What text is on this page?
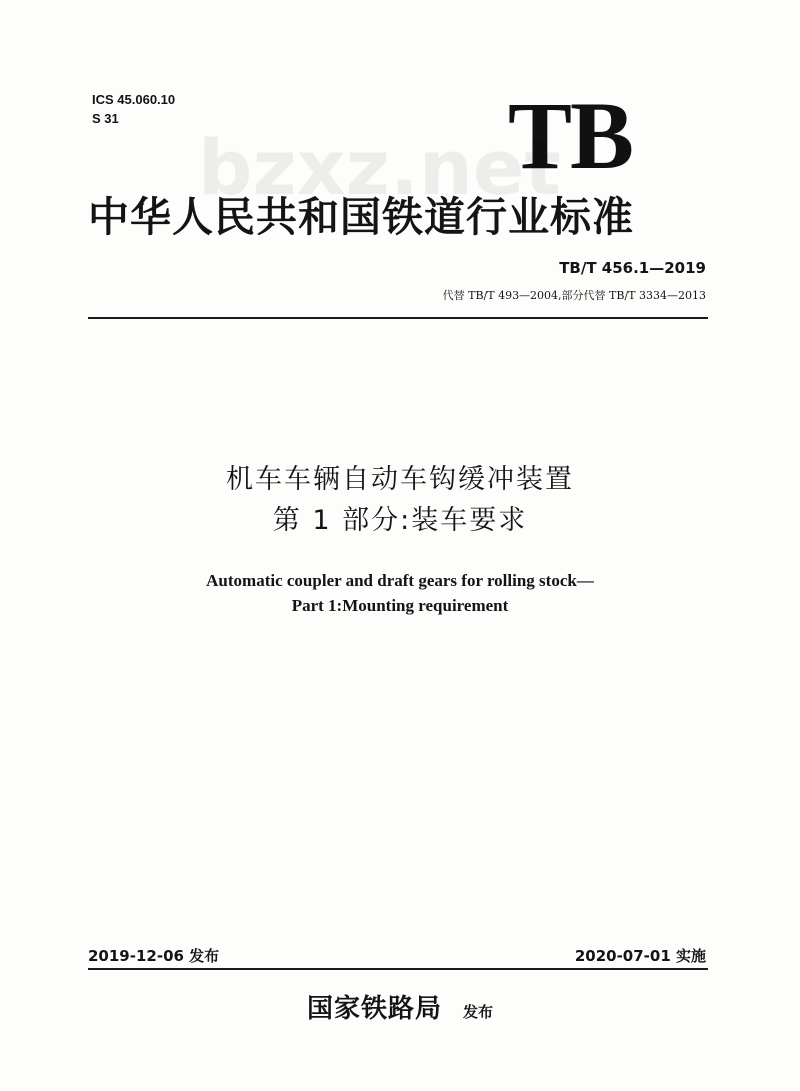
ICS 45.060.10
S 31	TB
bzxz.net
中华人民共和国铁道行业标准
TB/T 456.1—2019
代替 TB/T 493—2004,部分代替 TB/T 3334—2013
机车车辆自动车钩缓冲装置
第 1 部分:装车要求
Automatic coupler and draft gears for rolling stock—
Part 1:Mounting requirement
2019-12-06 发布	2020-07-01 实施
国家铁路局 发布
